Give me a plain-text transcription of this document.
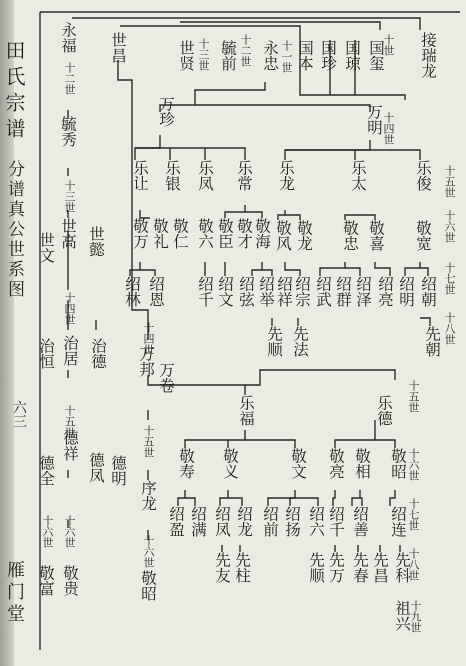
田氏宗谱
分谱真公世系图
六三
雁门堂
十五世
十六世
十七世
十八世
十五世
十六世
十七世
十八世
十九世
接瑞龙
十世
国玺
国琼
国珍
国本
十一世
永忠
十二世
毓前
十三世
世贤
世昌
永福
十二世
毓秀
十三世
世高
世文 世懿
十四世
治居
治恒 治德
十五世
德祥
德全 德凤 德明
十六世
十六世
敬贵
敬富
万珍	万明 十四世
乐让 乐银 乐凤 乐常 乐龙	乐太	乐俊
敬万 敬礼 敬仁 敬六 敬臣 敬海
敬才 敬风 敬龙 敬忠 敬喜 敬宽
绍林 绍恩 绍千 绍文 绍弦 绍举 绍祥 绍宗 绍武 绍群 绍泽 绍亮 绍明 绍朝
先顺 先法	先朝
十四世
万邦
万卷
十五世
序龙
十六世
敬昭
乐福	乐德
敬寿 敬义	敬文 敬亮 敬相 敬昭
绍盈 绍满 绍凤 绍龙 绍前 绍扬 绍六 绍千 绍善 绍连
先友 先柱	先顺 先万 先春 先昌 先科
祖兴
